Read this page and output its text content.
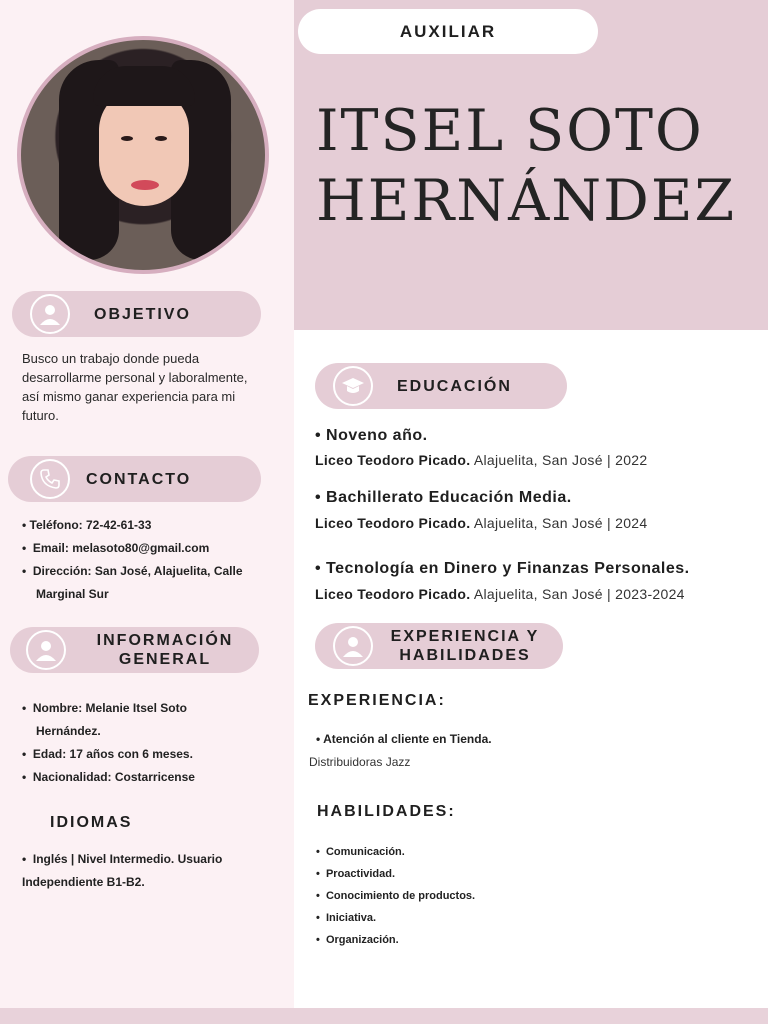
AUXILIAR
ITSEL SOTO
HERNÁNDEZ
OBJETIVO
Busco un trabajo donde pueda
desarrollarme personal y laboralmente,
así mismo ganar experiencia para mi
futuro.
CONTACTO
• Teléfono: 72-42-61-33
•  Email: melasoto80@gmail.com
•  Dirección: San José, Alajuelita, Calle
Marginal Sur
INFORMACIÓN
GENERAL
•  Nombre: Melanie Itsel Soto
Hernández.
•  Edad: 17 años con 6 meses.
•  Nacionalidad: Costarricense
IDIOMAS
•  Inglés | Nivel Intermedio. Usuario
Independiente B1-B2.
EDUCACIÓN
• Noveno año.
Liceo Teodoro Picado. Alajuelita, San José | 2022
• Bachillerato Educación Media.
Liceo Teodoro Picado. Alajuelita, San José | 2024
• Tecnología en Dinero y Finanzas Personales.
Liceo Teodoro Picado. Alajuelita, San José | 2023-2024
EXPERIENCIA Y
HABILIDADES
EXPERIENCIA:
• Atención al cliente en Tienda.
Distribuidoras Jazz
HABILIDADES:
•  Comunicación.
•  Proactividad.
•  Conocimiento de productos.
•  Iniciativa.
•  Organización.
